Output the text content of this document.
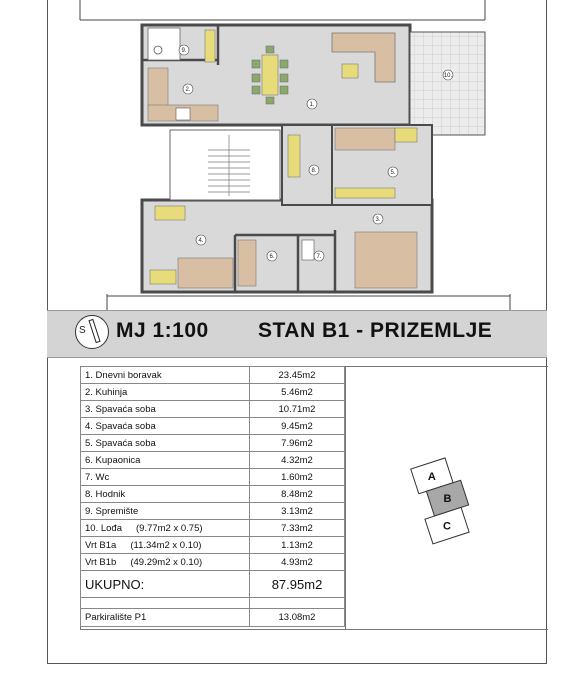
1.
2.
3.
4.
5.
6.	7.
8.
9.
10.
S MJ 1:100 STAN B1 - PRIZEMLJE
1. Dnevni boravak	23.45m2
2. Kuhinja	5.46m2
3. Spavaća soba	10.71m2
4. Spavaća soba	9.45m2
5. Spavaća soba	7.96m2
6. Kupaonica	4.32m2
7. Wc	1.60m2
8. Hodnik	8.48m2
9. Spremište	3.13m2
10. Lođa (9.77m2 x 0.75)	7.33m2
Vrt B1a (11.34m2 x 0.10)	1.13m2
Vrt B1b (49.29m2 x 0.10)	4.93m2
UKUPNO:	87.95m2

Parkiralište P1	13.08m2
A
B
C
